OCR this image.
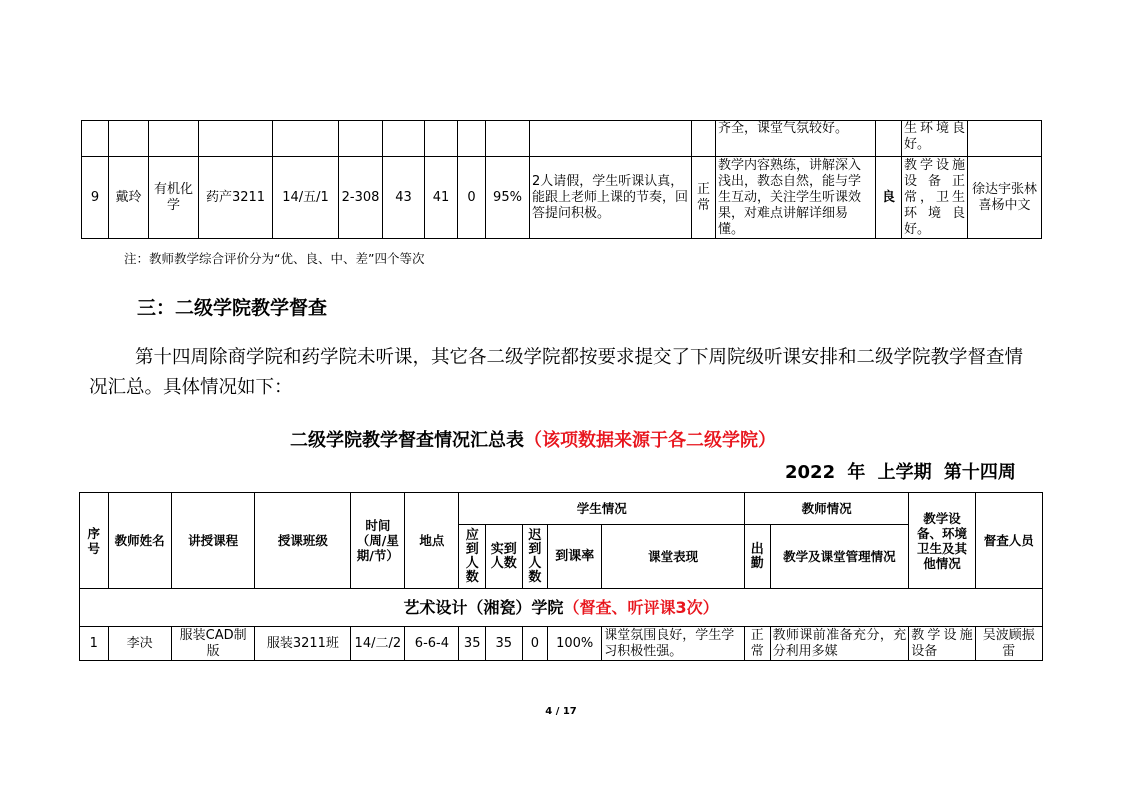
												齐全，课堂气氛较好。		生环境良好。	
9	戴玲	有机化学	药产3211	14/五/1	2-308	43	41	0	95%	2人请假，学生听课认真，能跟上老师上课的节奏，回答提问积极。	正常	教学内容熟练，讲解深入浅出，教态自然，能与学生互动，关注学生听课效果，对难点讲解详细易懂。	良	教学设施设备正常，卫生环境良好。	徐达宇张林喜杨中文
注：教师教学综合评价分为“优、良、中、差”四个等次
三：二级学院教学督查
第十四周除商学院和药学院未听课，其它各二级学院都按要求提交了下周院级听课安排和二级学院教学督查情况汇总。具体情况如下：
二级学院教学督查情况汇总表（该项数据来源于各二级学院）
2022 年 上学期 第十四周
序号	教师姓名	讲授课程	授课班级	时间（周/星期/节）	地点	学生情况					教师情况		教学设备、环境卫生及其他情况	督查人员
						应到人数	实到人数	迟到人数	到课率	课堂表现	出勤	教学及课堂管理情况		
艺术设计（湘瓷）学院（督查、听评课3次）														
1	李决	服装CAD制版	服装3211班	14/二/2	6-6-4	35	35	0	100%	课堂氛围良好，学生学习积极性强。	正常	教师课前准备充分，充分利用多媒	教学设施设备	吴波顾振雷
4 / 17
